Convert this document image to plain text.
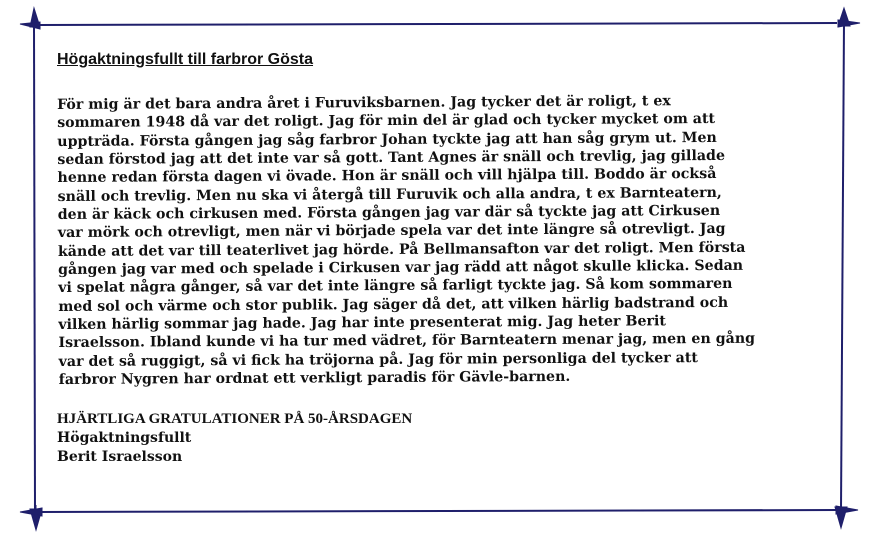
Högaktningsfullt till farbror Gösta

För mig är det bara andra året i Furuviksbarnen. Jag tycker det är roligt, t ex
sommaren 1948 då var det roligt. Jag för min del är glad och tycker mycket om att
uppträda. Första gången jag såg farbror Johan tyckte jag att han såg grym ut. Men
sedan förstod jag att det inte var så gott. Tant Agnes är snäll och trevlig, jag gillade
henne redan första dagen vi övade. Hon är snäll och vill hjälpa till. Boddo är också
snäll och trevlig. Men nu ska vi återgå till Furuvik och alla andra, t ex Barnteatern,
den är käck och cirkusen med. Första gången jag var där så tyckte jag att Cirkusen
var mörk och otrevligt, men när vi började spela var det inte längre så otrevligt. Jag
kände att det var till teaterlivet jag hörde. På Bellmansafton var det roligt. Men första
gången jag var med och spelade i Cirkusen var jag rädd att något skulle klicka. Sedan
vi spelat några gånger, så var det inte längre så farligt tyckte jag. Så kom sommaren
med sol och värme och stor publik. Jag säger då det, att vilken härlig badstrand och
vilken härlig sommar jag hade. Jag har inte presenterat mig. Jag heter Berit
Israelsson. Ibland kunde vi ha tur med vädret, för Barnteatern menar jag, men en gång
var det så ruggigt, så vi fick ha tröjorna på. Jag för min personliga del tycker att
farbror Nygren har ordnat ett verkligt paradis för Gävle-barnen.

HJÄRTLIGA GRATULATIONER PÅ 50-ÅRSDAGEN
Högaktningsfullt
Berit Israelsson
